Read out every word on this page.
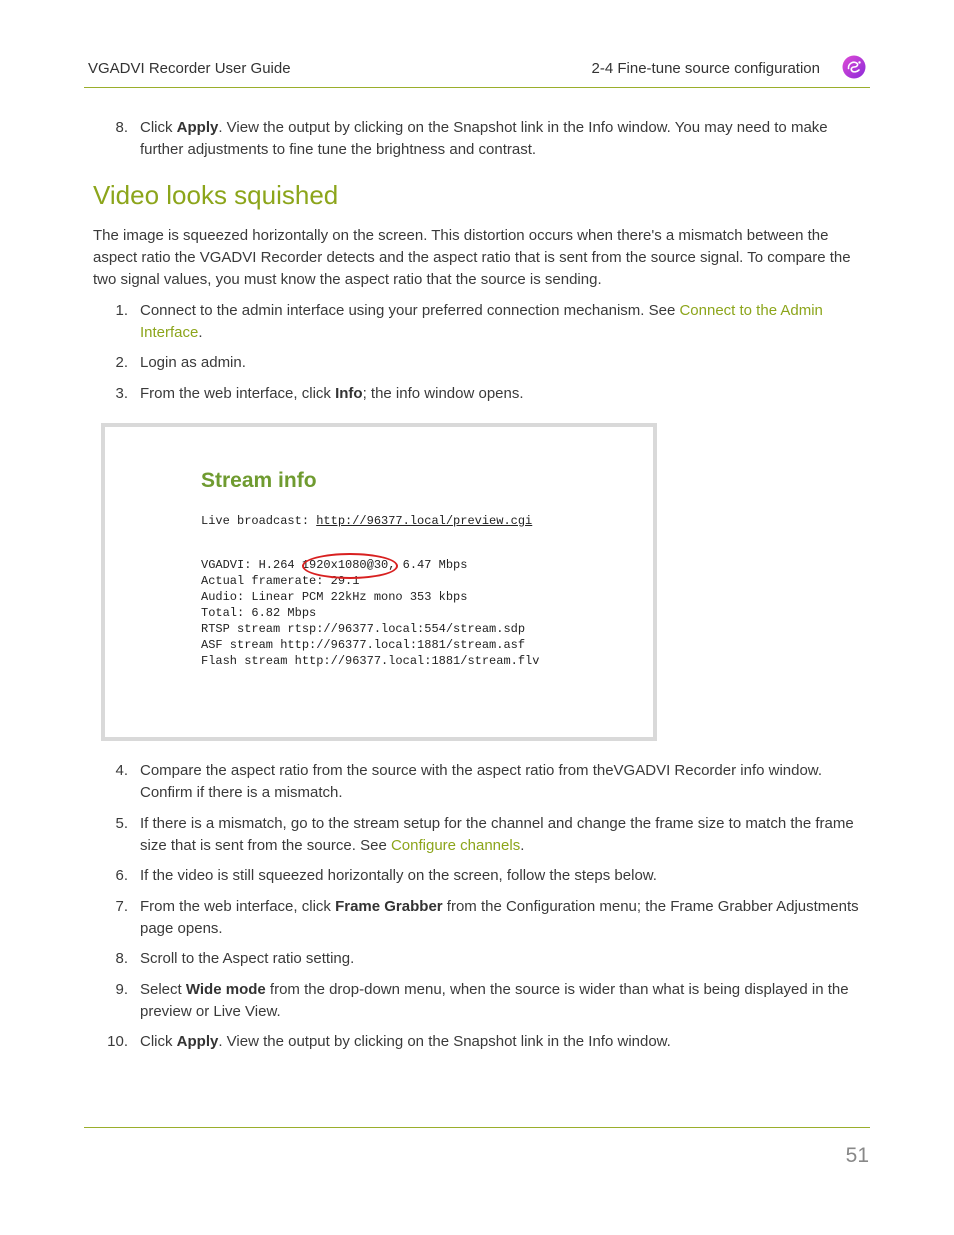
VGADVI Recorder User Guide	2-4 Fine-tune source configuration
8. Click Apply. View the output by clicking on the Snapshot link in the Info window. You may need to make further adjustments to fine tune the brightness and contrast.
Video looks squished
The image is squeezed horizontally on the screen. This distortion occurs when there's a mismatch between the aspect ratio the VGADVI Recorder detects and the aspect ratio that is sent from the source signal. To compare the two signal values, you must know the aspect ratio that the source is sending.
1. Connect to the admin interface using your preferred connection mechanism. See Connect to the Admin Interface.
2. Login as admin.
3. From the web interface, click Info; the info window opens.
Stream info
Live broadcast: http://96377.local/preview.cgi
VGADVI: H.264 1920x1080@30, 6.47 Mbps
Actual framerate: 29.1
Audio: Linear PCM 22kHz mono 353 kbps
Total: 6.82 Mbps
RTSP stream rtsp://96377.local:554/stream.sdp
ASF stream http://96377.local:1881/stream.asf
Flash stream http://96377.local:1881/stream.flv
4. Compare the aspect ratio from the source with the aspect ratio from theVGADVI Recorder info window. Confirm if there is a mismatch.
5. If there is a mismatch, go to the stream setup for the channel and change the frame size to match the frame size that is sent from the source. See Configure channels.
6. If the video is still squeezed horizontally on the screen, follow the steps below.
7. From the web interface, click Frame Grabber from the Configuration menu; the Frame Grabber Adjustments page opens.
8. Scroll to the Aspect ratio setting.
9. Select Wide mode from the drop-down menu, when the source is wider than what is being displayed in the preview or Live View.
10. Click Apply. View the output by clicking on the Snapshot link in the Info window.
51
